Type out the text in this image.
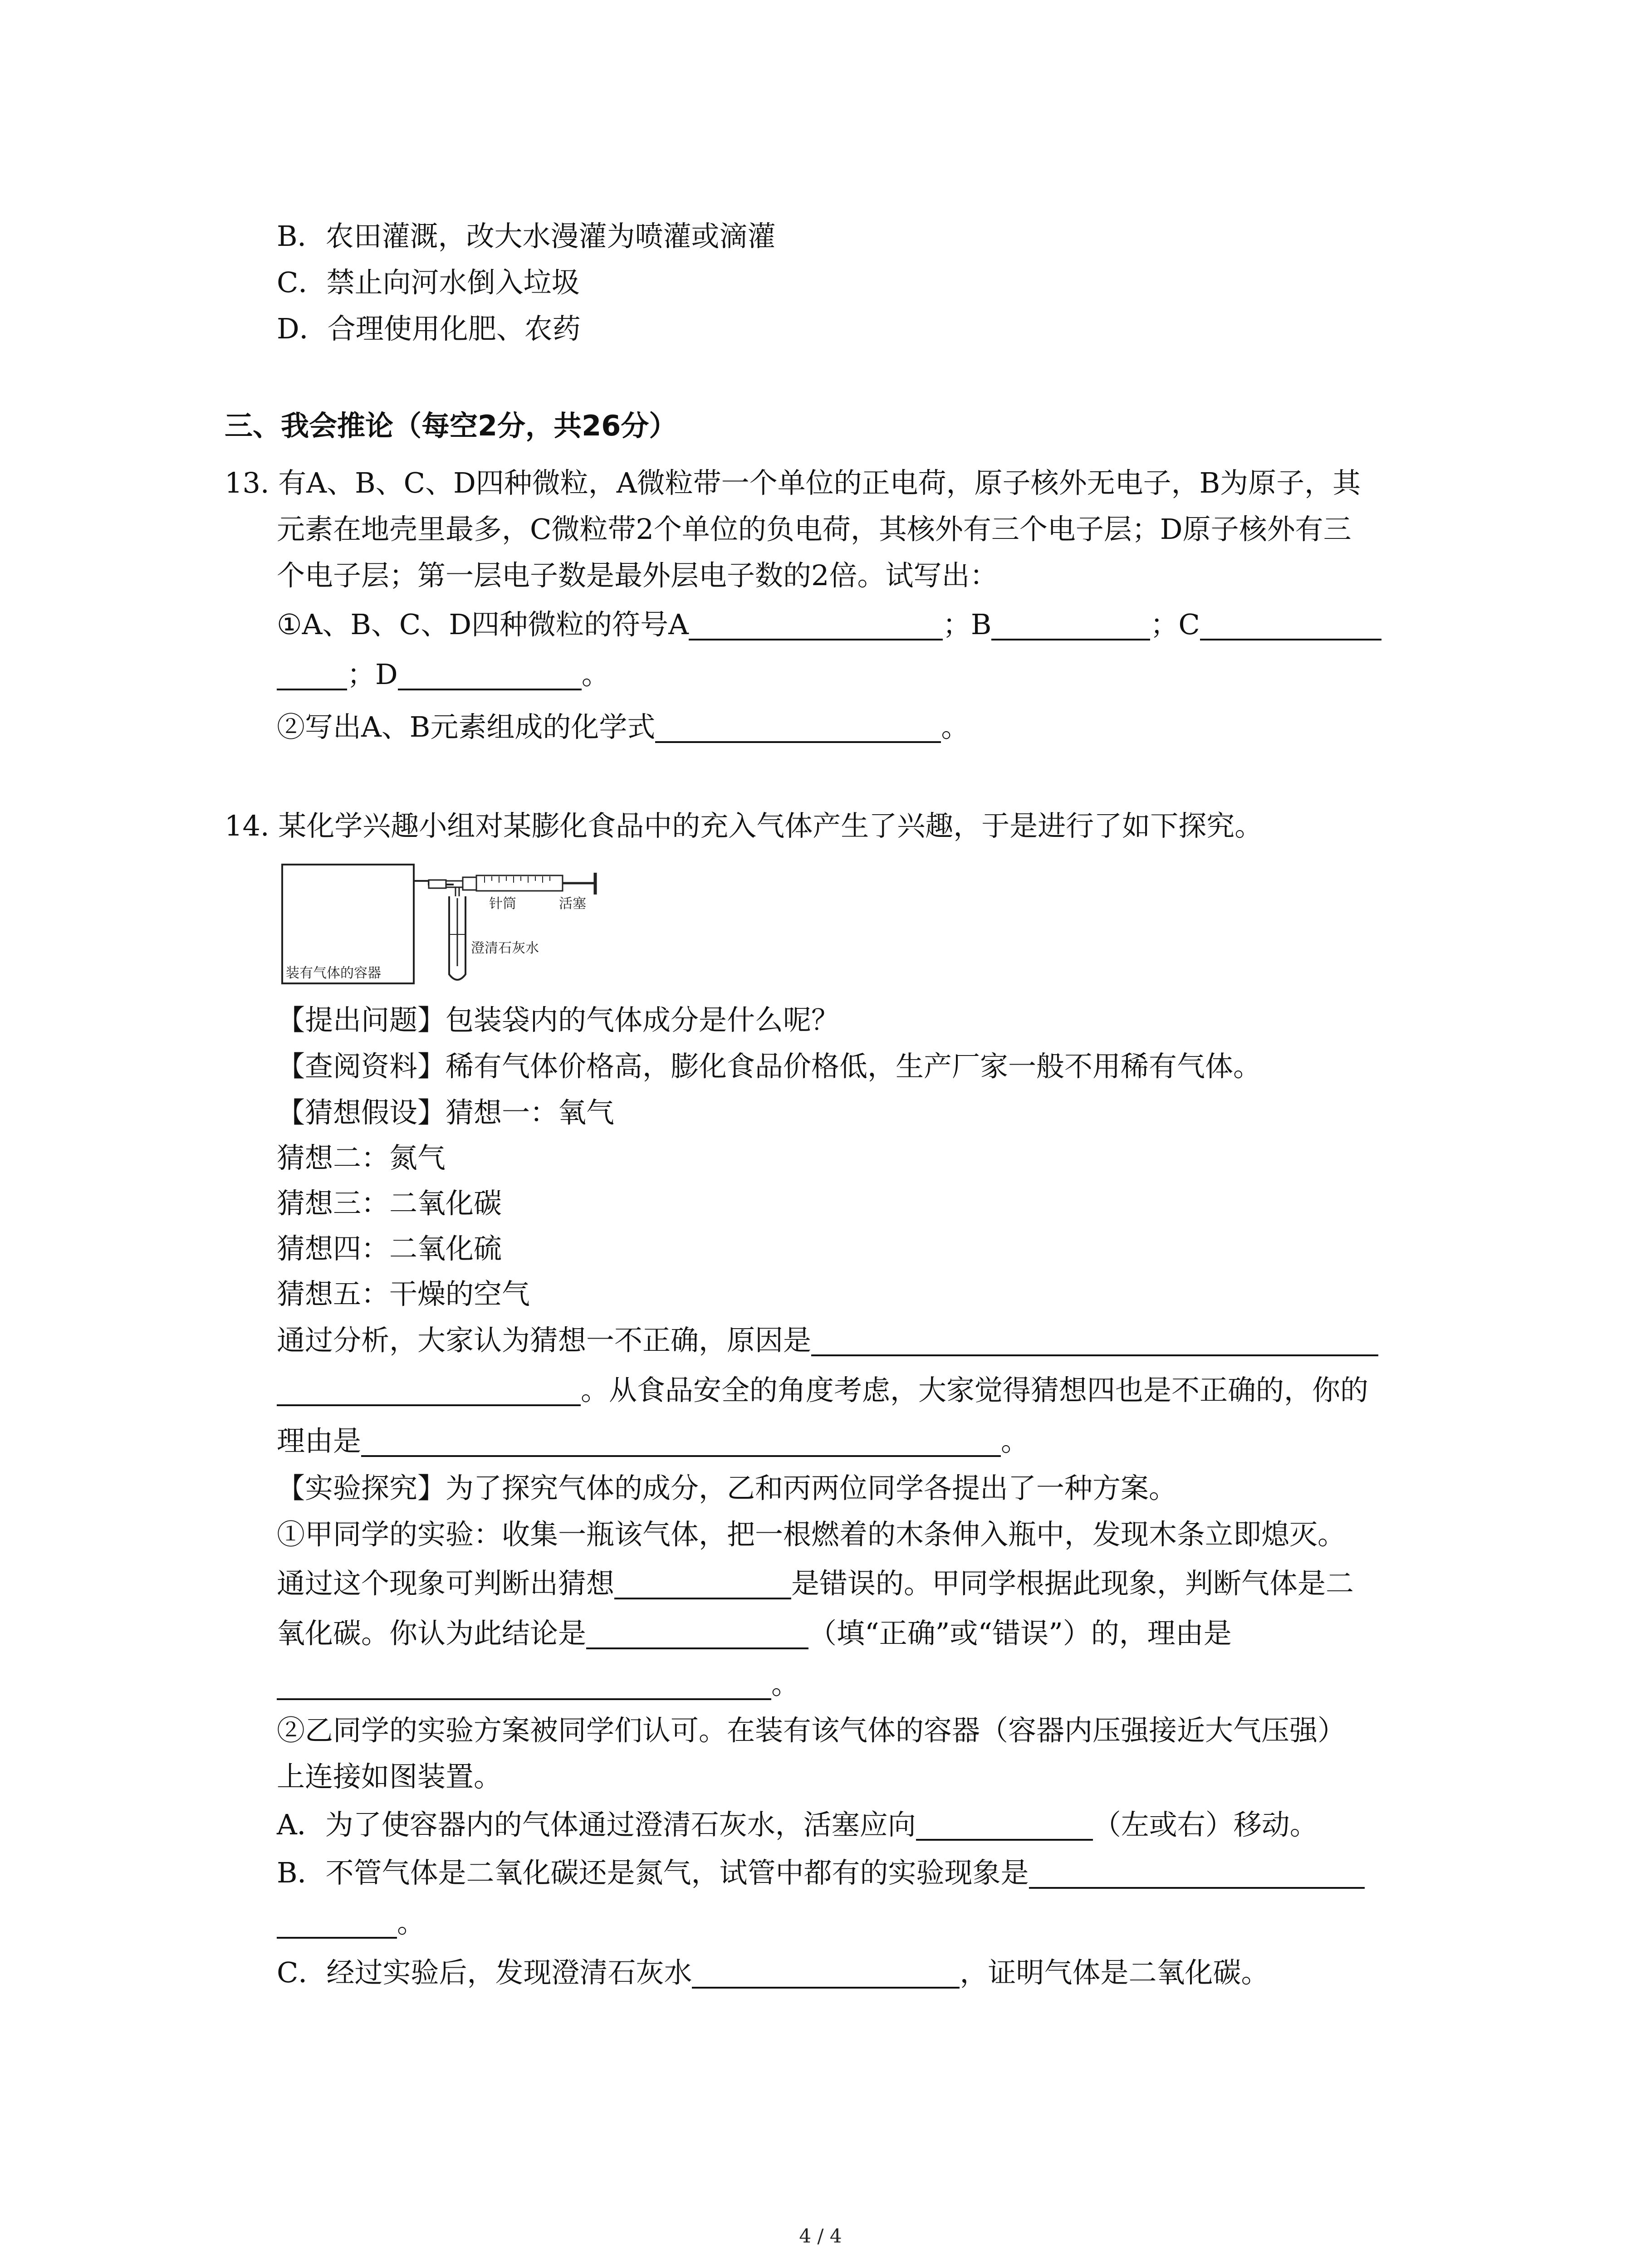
B．农田灌溉，改大水漫灌为喷灌或滴灌
C．禁止向河水倒入垃圾
D．合理使用化肥、农药
三、我会推论（每空2分，共26分）
13. 有A、B、C、D四种微粒，A微粒带一个单位的正电荷，原子核外无电子，B为原子，其
元素在地壳里最多，C微粒带2个单位的负电荷，其核外有三个电子层；D原子核外有三
个电子层；第一层电子数是最外层电子数的2倍。试写出：
①A、B、C、D四种微粒的符号A	；B	；C
；D	。
②写出A、B元素组成的化学式	。
14. 某化学兴趣小组对某膨化食品中的充入气体产生了兴趣，于是进行了如下探究。
装有气体的容器
针筒	活塞
澄清石灰水
【提出问题】包装袋内的气体成分是什么呢？
【查阅资料】稀有气体价格高，膨化食品价格低，生产厂家一般不用稀有气体。
【猜想假设】猜想一：氧气
猜想二：氮气
猜想三：二氧化碳
猜想四：二氧化硫
猜想五：干燥的空气
通过分析，大家认为猜想一不正确，原因是
。从食品安全的角度考虑，大家觉得猜想四也是不正确的，你的
理由是	。
【实验探究】为了探究气体的成分，乙和丙两位同学各提出了一种方案。
①甲同学的实验：收集一瓶该气体，把一根燃着的木条伸入瓶中，发现木条立即熄灭。
通过这个现象可判断出猜想	是错误的。甲同学根据此现象，判断气体是二
氧化碳。你认为此结论是	（填“正确”或“错误”）的，理由是
。
②乙同学的实验方案被同学们认可。在装有该气体的容器（容器内压强接近大气压强）
上连接如图装置。
A．为了使容器内的气体通过澄清石灰水，活塞应向	（左或右）移动。
B．不管气体是二氧化碳还是氮气，试管中都有的实验现象是
。
C．经过实验后，发现澄清石灰水	，证明气体是二氧化碳。
4 / 4
